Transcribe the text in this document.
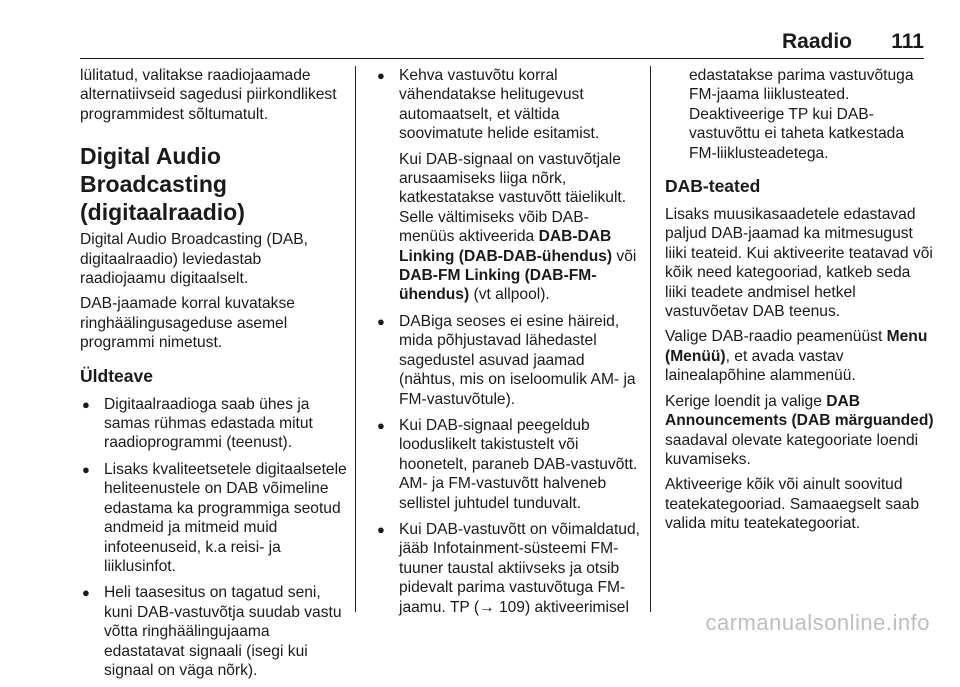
Raadio 111

lülitatud, valitakse raadiojaamade alternatiivseid sagedusi piirkondlikest programmidest sõltumatult.

Digital Audio Broadcasting (digitaalraadio)

Digital Audio Broadcasting (DAB, digitaalraadio) leviedastab raadiojaamu digitaalselt.

DAB-jaamade korral kuvatakse ringhäälingusageduse asemel programmi nimetust.

Üldteave
● Digitaalraadioga saab ühes ja samas rühmas edastada mitut raadioprogrammi (teenust).
● Lisaks kvaliteetsetele digitaalsetele heliteenustele on DAB võimeline edastama ka programmiga seotud andmeid ja mitmeid muid infoteenuseid, k.a reisi- ja liiklusinfot.
● Heli taasesitus on tagatud seni, kuni DAB-vastuvõtja suudab vastu võtta ringhäälingujaama edastatavat signaali (isegi kui signaal on väga nõrk).
● Kehva vastuvõtu korral vähendatakse helitugevust automaatselt, et vältida soovimatute helide esitamist.

Kui DAB-signaal on vastuvõtjale arusaamiseks liiga nõrk, katkestatakse vastuvõtt täielikult. Selle vältimiseks võib DAB-menüüs aktiveerida DAB-DAB Linking (DAB-DAB-ühendus) või DAB-FM Linking (DAB-FM-ühendus) (vt allpool).

● DABiga seoses ei esine häireid, mida põhjustavad lähedastel sagedustel asuvad jaamad (nähtus, mis on iseloomulik AM- ja FM-vastuvõtule).
● Kui DAB-signaal peegeldub looduslikelt takistustelt või hoonetelt, paraneb DAB-vastuvõtt. AM- ja FM-vastuvõtt halveneb sellistel juhtudel tunduvalt.
● Kui DAB-vastuvõtt on võimaldatud, jääb Infotainment-süsteemi FM-tuuner taustal aktiivseks ja otsib pidevalt parima vastuvõtuga FM-jaamu. TP (→ 109) aktiveerimisel
edastatakse parima vastuvõtuga FM-jaama liiklusteated. Deaktiveerige TP kui DAB-vastuvõttu ei taheta katkestada FM-liiklusteadetega.
DAB-teated

Lisaks muusikasaadetele edastavad paljud DAB-jaamad ka mitmesugust liiki teateid. Kui aktiveerite teatavad või kõik need kategooriad, katkeb seda liiki teadete andmisel hetkel vastuvõetav DAB teenus.

Valige DAB-raadio peamenüüst Menu (Menüü), et avada vastav lainealapõhine alammenüü.

Kerige loendit ja valige DAB Announcements (DAB märguanded) saadaval olevate kategooriate loendi kuvamiseks.

Aktiveerige kõik või ainult soovitud teatekategooriad. Samaaegselt saab valida mitu teatekategooriat.

carmanualsonline.info
